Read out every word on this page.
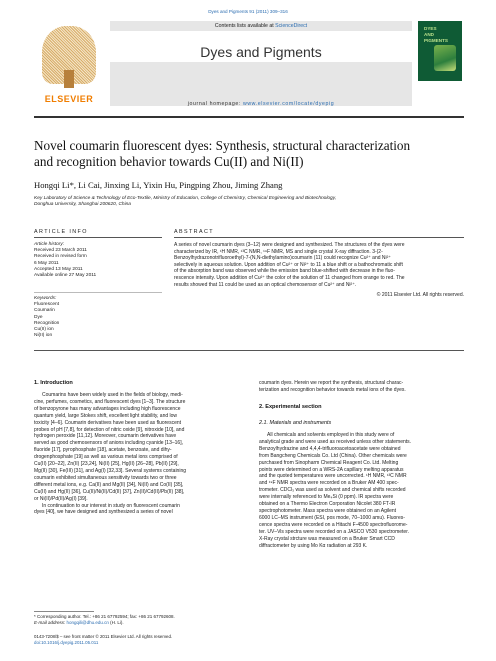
Dyes and Pigments 91 (2011) 309–316
ELSEVIER
Contents lists available at ScienceDirect
Dyes and Pigments
journal homepage: www.elsevier.com/locate/dyepig
DYES
AND
PIGMENTS
Novel coumarin fluorescent dyes: Synthesis, structural characterization
and recognition behavior towards Cu(II) and Ni(II)
Hongqi Li*, Li Cai, Jinxing Li, Yixin Hu, Pingping Zhou, Jiming Zhang
Key Laboratory of Science & Technology of Eco-Textile, Ministry of Education, College of Chemistry, Chemical Engineering and Biotechnology,
Donghua University, Shanghai 200620, China
ARTICLE INFO	ABSTRACT
Article history:
Received 23 March 2011
Received in revised form
6 May 2011
Accepted 13 May 2011
Available online 27 May 2011
Keywords:
Fluorescent
Coumarin
Dye
Recognition
Cu(II) ion
Ni(II) ion
A series of novel coumarin dyes (3–12) were designed and synthesized. The structures of the dyes were
characterized by IR, ¹H NMR, ¹³C NMR, ¹⁹F NMR, MS and single crystal X-ray diffraction. 3-(2-
Benzoylhydrazonotrifluoroethyl)-7-(N,N-diethylamino)coumarin (11) could recognize Cu²⁺ and Ni²⁺
selectively in aqueous solution. Upon addition of Cu²⁺ or Ni²⁺ to 11 a blue shift or a bathochromatic shift
of the absorption band was observed while the emission band blue-shifted with decrease in the fluo-
rescence intensity. Upon addition of Cu²⁺ the color of the solution of 11 changed from orange to red. The
results showed that 11 could be used as an optical chemosensor of Cu²⁺ and Ni²⁺.
© 2011 Elsevier Ltd. All rights reserved.
1. Introduction
Coumarins have been widely used in the fields of biology, medi-
cine, perfumes, cosmetics, and fluorescent dyes [1–3]. The structure
of benzopyrone has many advantages including high fluorescence
quantum yield, large Stokes shift, excellent light stability, and low
toxicity [4–6]. Coumarin derivatives have been used as fluorescent
probes of pH [7,8], for detection of nitric oxide [9], nitroxide [10], and
hydrogen peroxide [11,12]. Moreover, coumarin derivatives have
served as good chemosensors of anions including cyanide [13–16],
fluoride [17], pyrophosphate [18], acetate, benzoate, and dihy-
drogenphosphate [19] as well as various metal ions comprised of
Cu(II) [20–22], Zn(II) [23,24], Ni(II) [25], Hg(II) [26–28], Pb(II) [29],
Mg(II) [30], Fe(III) [31], and Ag(I) [32,33]. Several systems containing
coumarin exhibited simultaneous sensitivity towards two or three
different metal ions, e.g. Ca(II) and Mg(II) [34], Ni(II) and Co(II) [35],
Cu(II) and Hg(II) [36], Cu(II)/Ni(II)/Cd(II) [37], Zn(II)/Cd(II)/Pb(II) [38],
or Ni(II)/Pd(II)/Ag(I) [39].
In continuation to our interest in study on fluorescent coumarin
dyes [40], we have designed and synthesized a series of novel
coumarin dyes. Herein we report the synthesis, structural charac-
terization and recognition behavior towards metal ions of the dyes.
2. Experimental section
2.1. Materials and instruments
All chemicals and solvents employed in this study were of
analytical grade and were used as received unless other statements.
Benzoylhydrazine and 4,4,4-trifluoroacetoacetate were obtained
from Bangcheng Chemicals Co. Ltd (China). Other chemicals were
purchased from Sinopharm Chemical Reagent Co. Ltd. Melting
points were determined on a WRS-2A capillary melting apparatus
and the quoted temperatures were uncorrected. ¹H NMR, ¹³C NMR
and ¹⁹F NMR spectra were recorded on a Bruker AM 400 spec-
trometer. CDCl₃ was used as solvent and chemical shifts recorded
were internally referenced to Me₄Si (0 ppm). IR spectra were
obtained on a Thermo Electron Corporation Nicolet 380 FT-IR
spectrophotometer. Mass spectra were obtained on an Agilent
6000 LC–MS instrument (ESI, pos mode, 70–1000 amu). Fluores-
cence spectra were recorded on a Hitachi F-4500 spectrofluorome-
ter. UV–Vis spectra were recorded on a JASCO V530 spectrometer.
X-Ray crystal strcture was measured on a Bruker Smart CCD
diffractometer by using Mo Kα radiation at 293 K.
* Corresponding author. Tel.: +86 21 67792594; fax: +86 21 67792608.
E-mail address: hongqili@dhu.edu.cn (H. Li).
0143-7208/$ – see front matter © 2011 Elsevier Ltd. All rights reserved.
doi:10.1016/j.dyepig.2011.05.011
